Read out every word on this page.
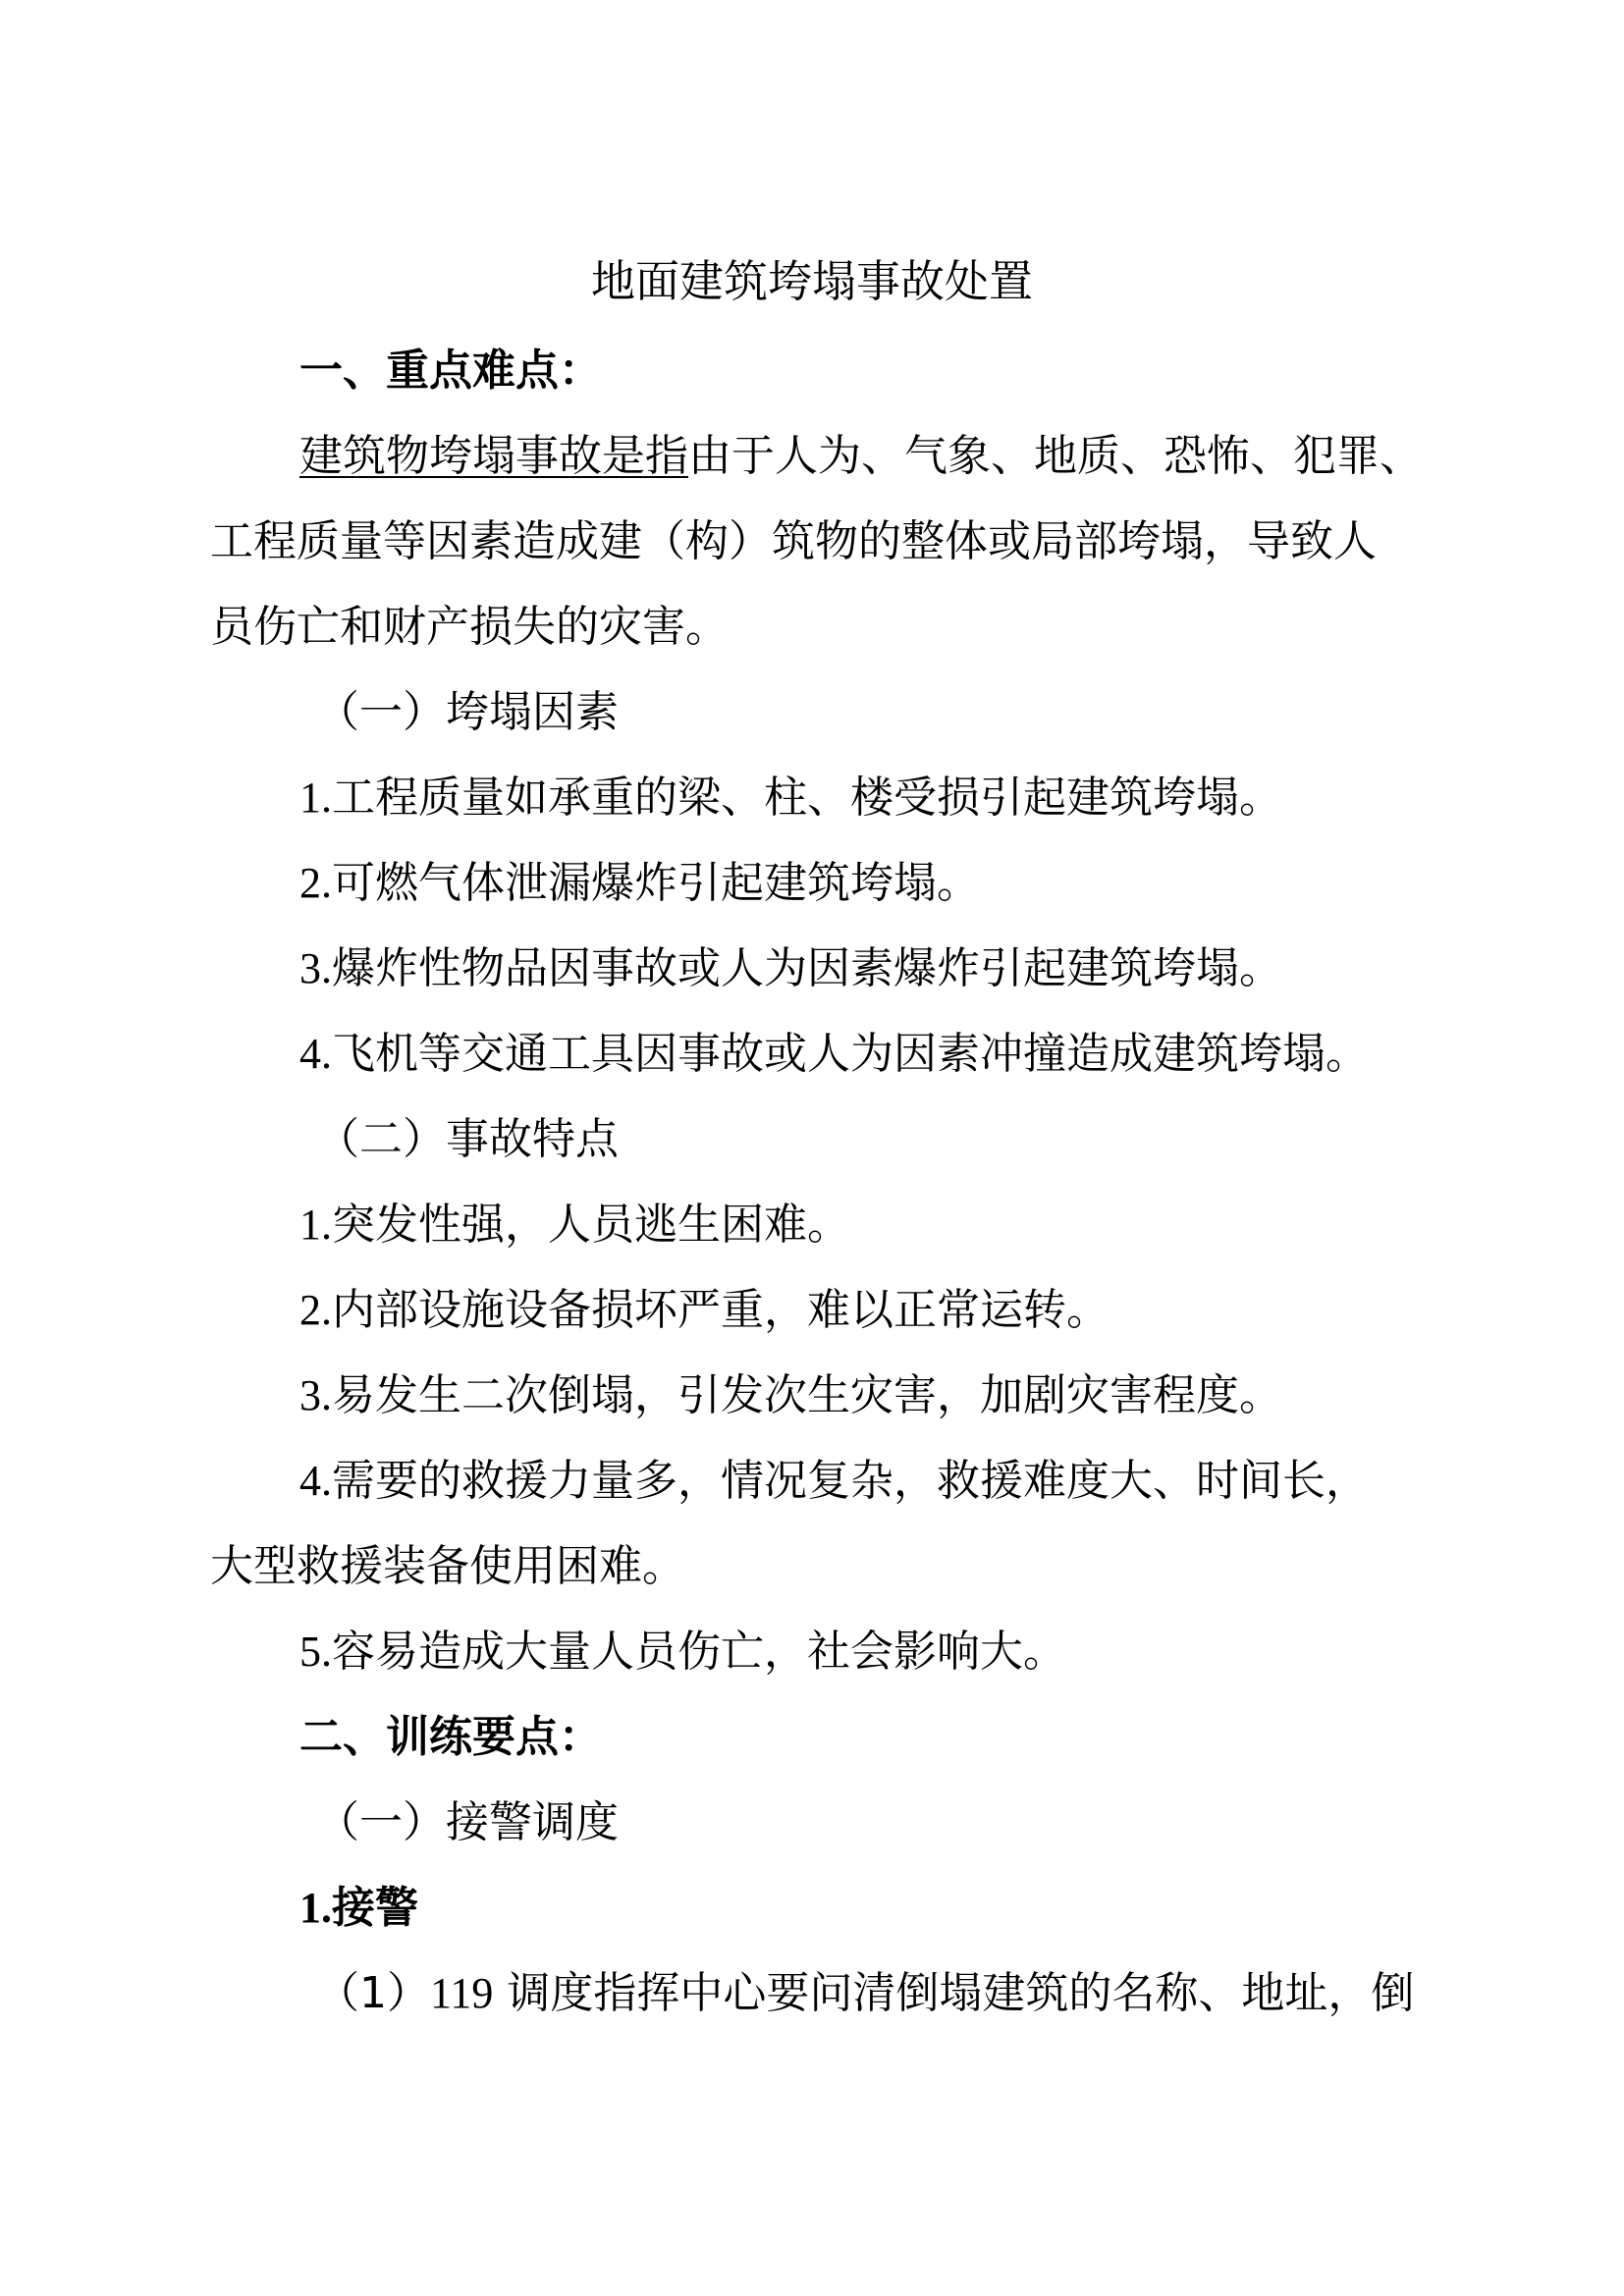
地面建筑垮塌事故处置

一、重点难点：

建筑物垮塌事故是指由于人为、气象、地质、恐怖、犯罪、

工程质量等因素造成建（构）筑物的整体或局部垮塌，导致人

员伤亡和财产损失的灾害。

（一）垮塌因素

1.工程质量如承重的梁、柱、楼受损引起建筑垮塌。

2.可燃气体泄漏爆炸引起建筑垮塌。

3.爆炸性物品因事故或人为因素爆炸引起建筑垮塌。

4.飞机等交通工具因事故或人为因素冲撞造成建筑垮塌。

（二）事故特点

1.突发性强，人员逃生困难。

2.内部设施设备损坏严重，难以正常运转。

3.易发生二次倒塌，引发次生灾害，加剧灾害程度。

4.需要的救援力量多，情况复杂，救援难度大、时间长，

大型救援装备使用困难。

5.容易造成大量人员伤亡，社会影响大。

二、训练要点：

（一）接警调度

1.接警

（1）119 调度指挥中心要问清倒塌建筑的名称、地址，倒
